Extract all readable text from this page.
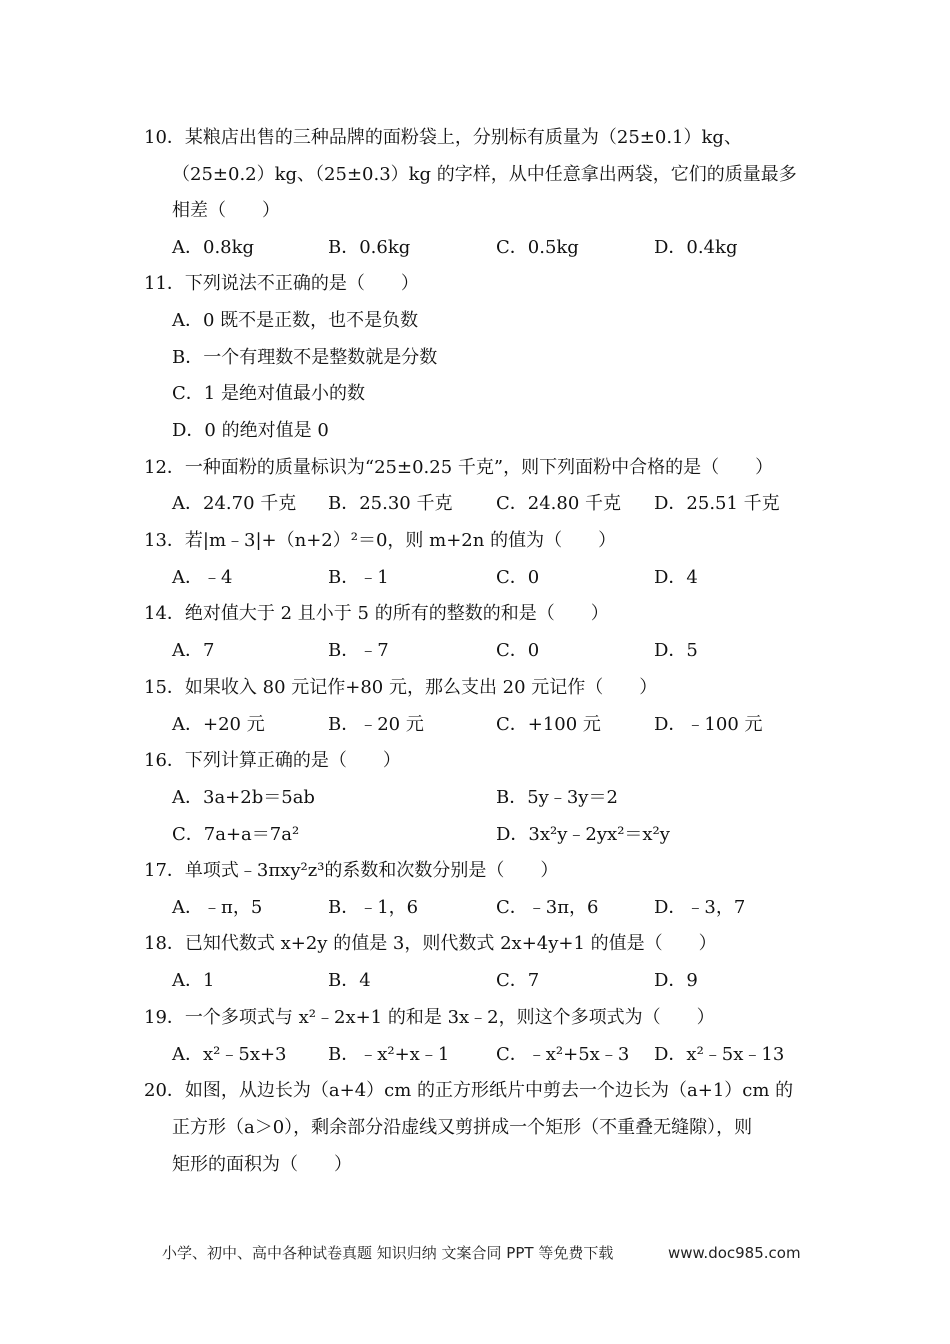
10．某粮店出售的三种品牌的面粉袋上，分别标有质量为（25±0.1）kg、
（25±0.2）kg、（25±0.3）kg 的字样，从中任意拿出两袋，它们的质量最多
相差（　　）
A．0.8kg	B．0.6kg	C．0.5kg	D．0.4kg
11．下列说法不正确的是（　　）
A．0 既不是正数，也不是负数
B．一个有理数不是整数就是分数
C．1 是绝对值最小的数
D．0 的绝对值是 0
12．一种面粉的质量标识为“25±0.25 千克”，则下列面粉中合格的是（　　）
A．24.70 千克 B．25.30 千克 C．24.80 千克 D．25.51 千克
13．若|m﹣3|+（n+2）²＝0，则 m+2n 的值为（　　）
A．﹣4	B．﹣1	C．0	D．4
14．绝对值大于 2 且小于 5 的所有的整数的和是（　　）
A．7	B．﹣7	C．0	D．5
15．如果收入 80 元记作+80 元，那么支出 20 元记作（　　）
A．+20 元	B．﹣20 元	C．+100 元	D．﹣100 元
16．下列计算正确的是（　　）
A．3a+2b＝5ab	B．5y﹣3y＝2
C．7a+a＝7a²	D．3x²y﹣2yx²＝x²y
17．单项式﹣3πxy²z³的系数和次数分别是（　　）
A．﹣π，5	B．﹣1，6	C．﹣3π，6	D．﹣3，7
18．已知代数式 x+2y 的值是 3，则代数式 2x+4y+1 的值是（　　）
A．1	B．4	C．7	D．9
19．一个多项式与 x²﹣2x+1 的和是 3x﹣2，则这个多项式为（　　）
A．x²﹣5x+3 B．﹣x²+x﹣1	C．﹣x²+5x﹣3 D．x²﹣5x﹣13
20．如图，从边长为（a+4）cm 的正方形纸片中剪去一个边长为（a+1）cm 的
正方形（a＞0），剩余部分沿虚线又剪拼成一个矩形（不重叠无缝隙），则
矩形的面积为（　　）
小学、初中、高中各种试卷真题 知识归纳 文案合同 PPT 等免费下载	www.doc985.com
